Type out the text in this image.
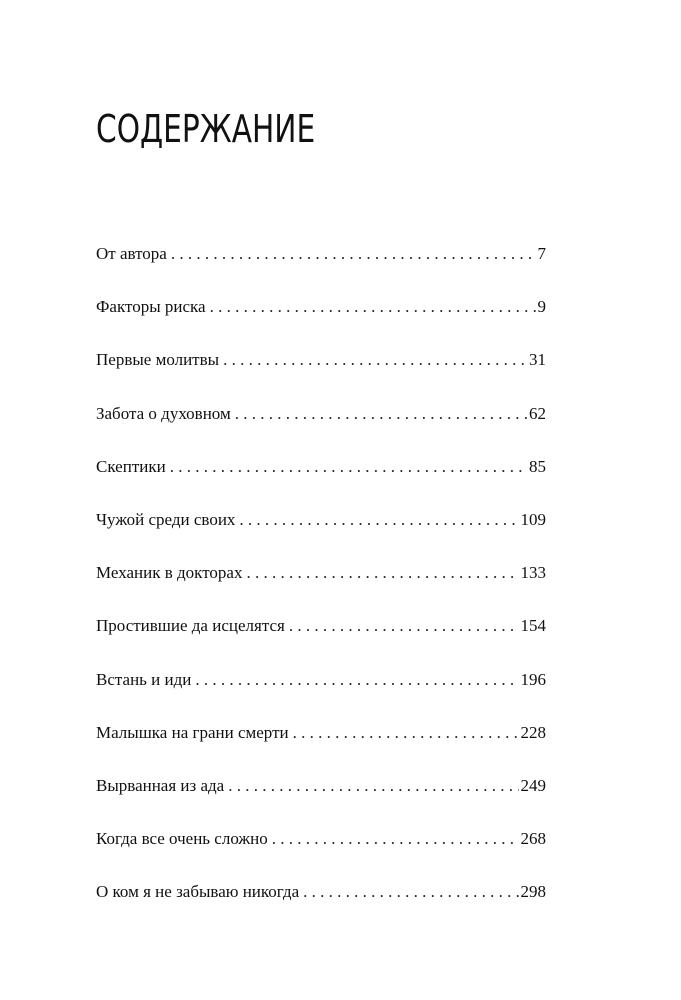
СОДЕРЖАНИЕ
От автора . . .	7
Факторы риска . . .	9
Первые молитвы . . .	31
Забота о духовном . . .	62
Скептики . . .	85
Чужой среди своих . . .	109
Механик в докторах . . .	133
Простившие да исцелятся . . .	154
Встань и иди . . .	196
Малышка на грани смерти . . .	228
Вырванная из ада . . .	249
Когда все очень сложно . . .	268
О ком я не забываю никогда . . .	298
